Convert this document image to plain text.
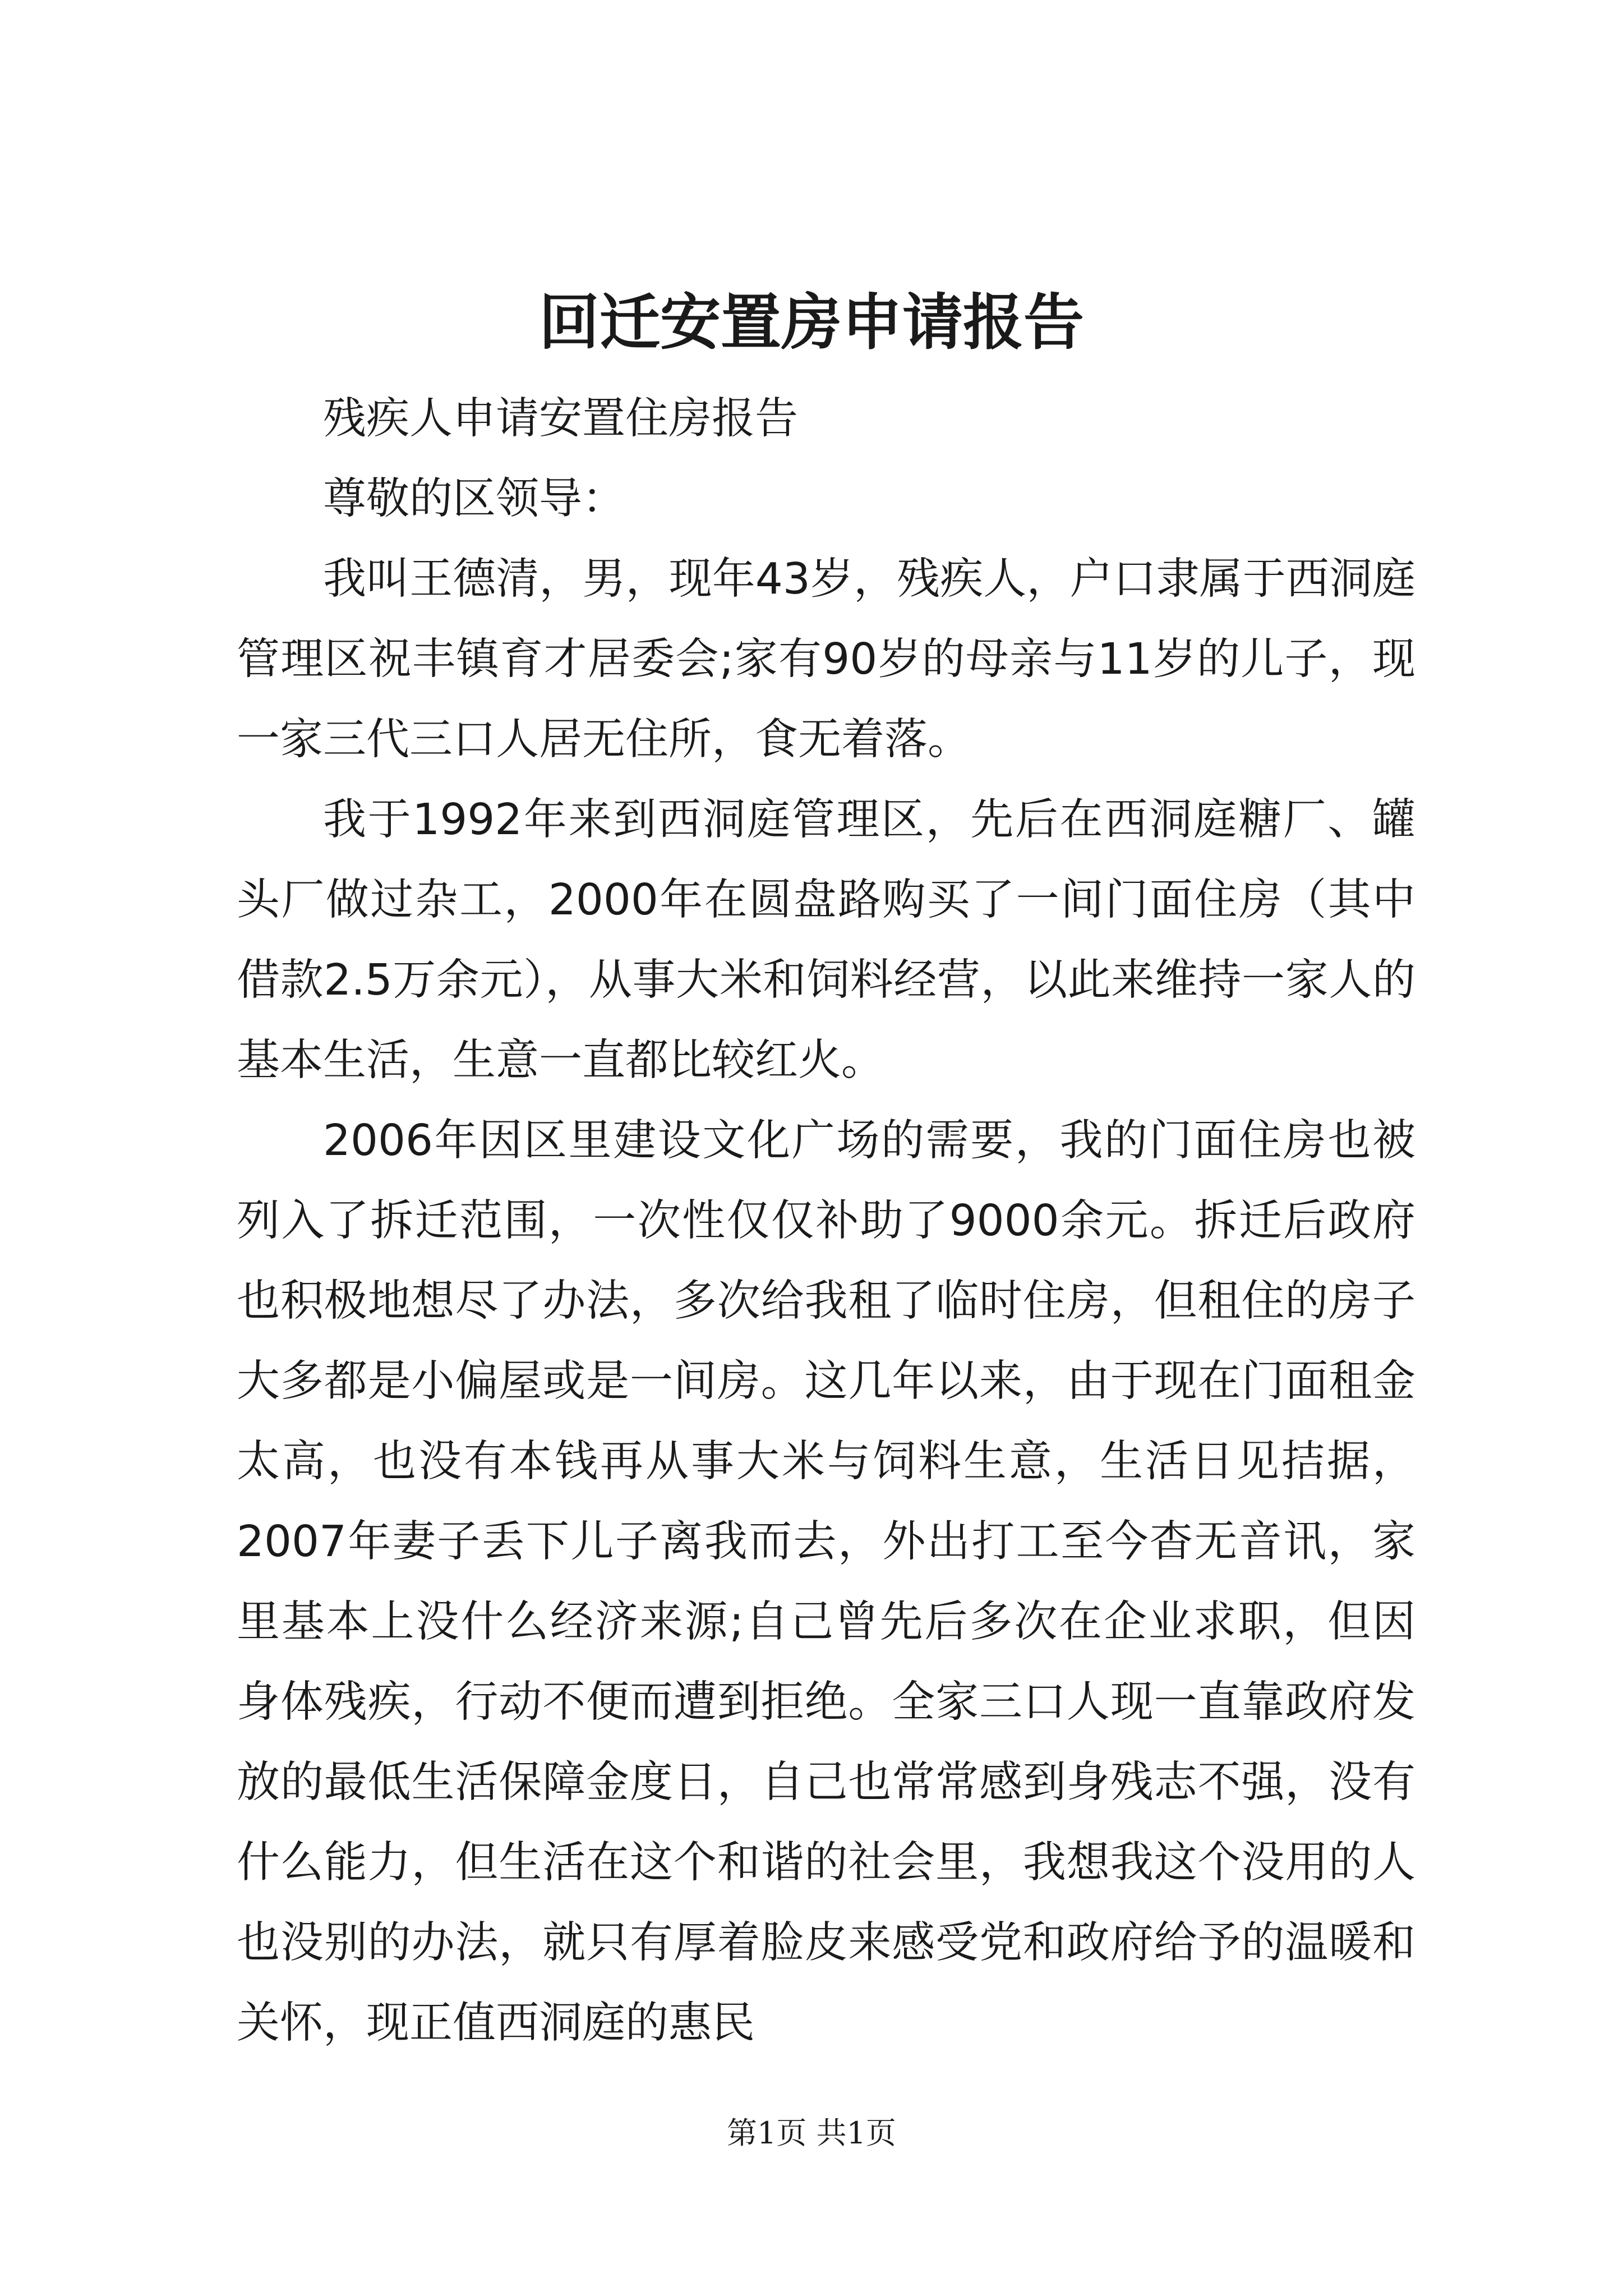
回迁安置房申请报告

残疾人申请安置住房报告

尊敬的区领导：

我叫王德清，男，现年43岁，残疾人，户口隶属于西洞庭管理区祝丰镇育才居委会;家有90岁的母亲与11岁的儿子，现一家三代三口人居无住所，食无着落。

我于1992年来到西洞庭管理区，先后在西洞庭糖厂、罐头厂做过杂工，2000年在圆盘路购买了一间门面住房（其中借款2.5万余元），从事大米和饲料经营，以此来维持一家人的基本生活，生意一直都比较红火。

2006年因区里建设文化广场的需要，我的门面住房也被列入了拆迁范围，一次性仅仅补助了9000余元。拆迁后政府也积极地想尽了办法，多次给我租了临时住房，但租住的房子大多都是小偏屋或是一间房。这几年以来，由于现在门面租金太高，也没有本钱再从事大米与饲料生意，生活日见拮据，2007年妻子丢下儿子离我而去，外出打工至今杳无音讯，家里基本上没什么经济来源;自己曾先后多次在企业求职，但因身体残疾，行动不便而遭到拒绝。全家三口人现一直靠政府发放的最低生活保障金度日，自己也常常感到身残志不强，没有什么能力，但生活在这个和谐的社会里，我想我这个没用的人也没别的办法，就只有厚着脸皮来感受党和政府给予的温暖和关怀，现正值西洞庭的惠民

第1页 共1页
